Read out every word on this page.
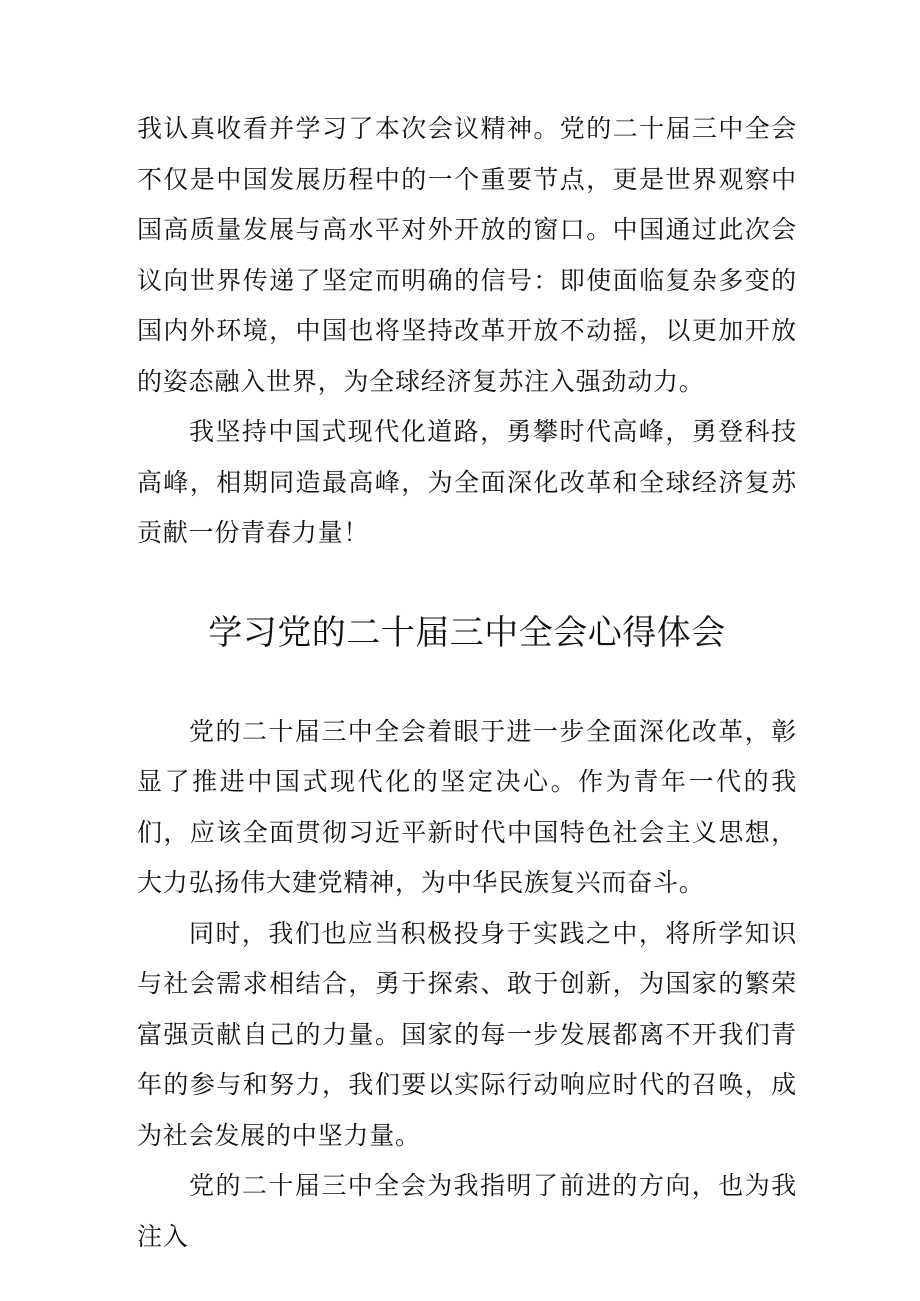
我认真收看并学习了本次会议精神。党的二十届三中全会不仅是中国发展历程中的一个重要节点，更是世界观察中国高质量发展与高水平对外开放的窗口。中国通过此次会议向世界传递了坚定而明确的信号：即使面临复杂多变的国内外环境，中国也将坚持改革开放不动摇，以更加开放的姿态融入世界，为全球经济复苏注入强劲动力。

我坚持中国式现代化道路，勇攀时代高峰，勇登科技高峰，相期同造最高峰，为全面深化改革和全球经济复苏贡献一份青春力量！

学习党的二十届三中全会心得体会

党的二十届三中全会着眼于进一步全面深化改革，彰显了推进中国式现代化的坚定决心。作为青年一代的我们，应该全面贯彻习近平新时代中国特色社会主义思想，大力弘扬伟大建党精神，为中华民族复兴而奋斗。

同时，我们也应当积极投身于实践之中，将所学知识与社会需求相结合，勇于探索、敢于创新，为国家的繁荣富强贡献自己的力量。国家的每一步发展都离不开我们青年的参与和努力，我们要以实际行动响应时代的召唤，成为社会发展的中坚力量。

党的二十届三中全会为我指明了前进的方向，也为我注入
